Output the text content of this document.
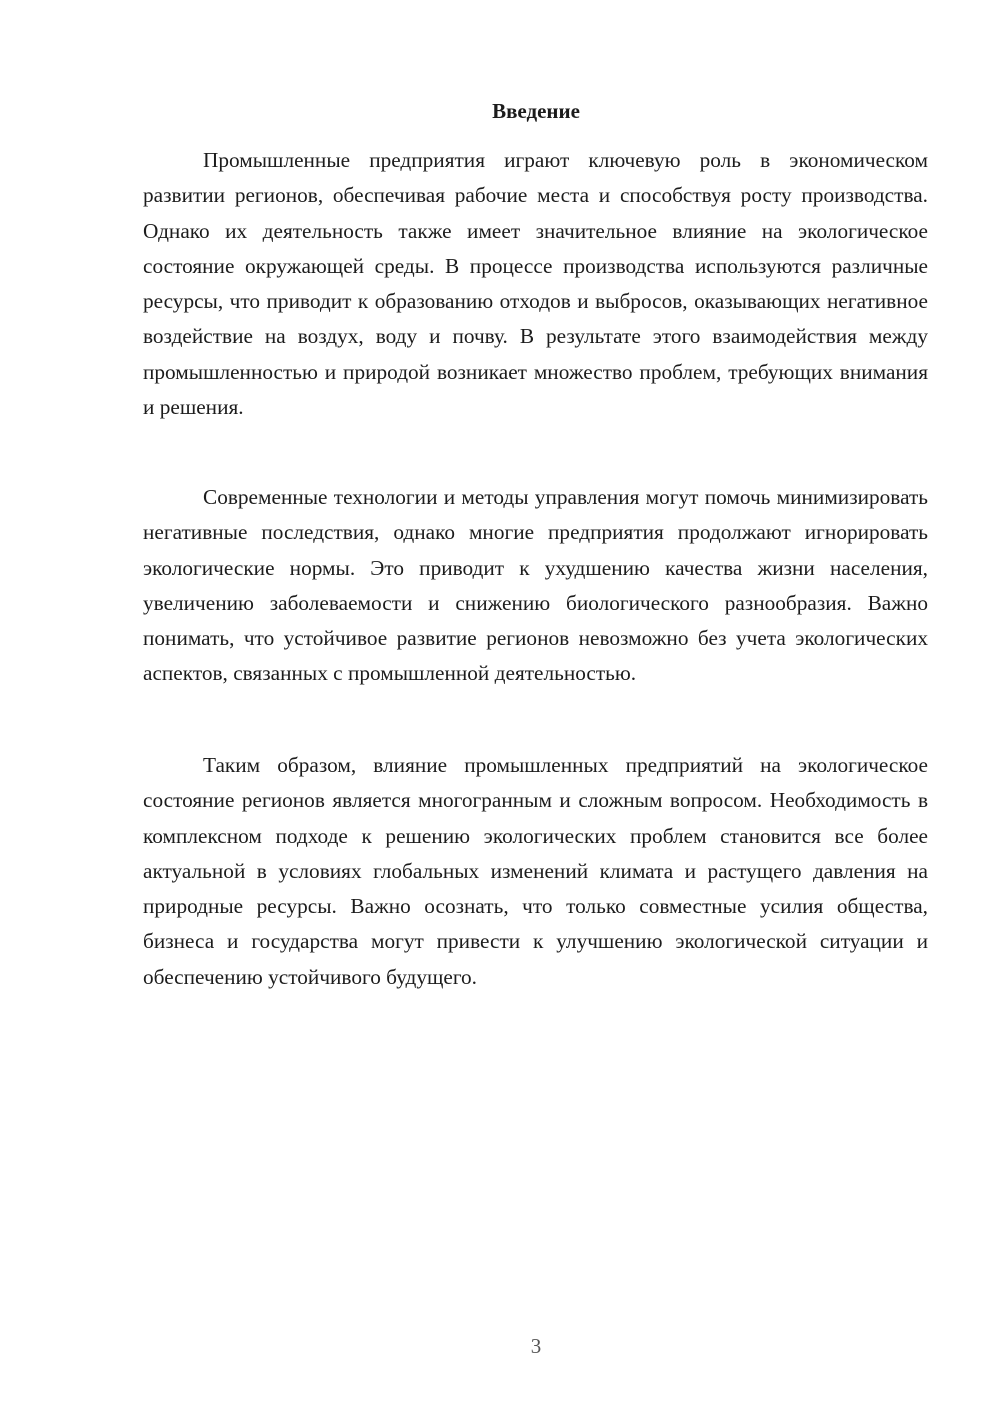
Введение

Промышленные предприятия играют ключевую роль в экономическом развитии регионов, обеспечивая рабочие места и способствуя росту производства. Однако их деятельность также имеет значительное влияние на экологическое состояние окружающей среды. В процессе производства используются различные ресурсы, что приводит к образованию отходов и выбросов, оказывающих негативное воздействие на воздух, воду и почву. В результате этого взаимодействия между промышленностью и природой возникает множество проблем, требующих внимания и решения.

Современные технологии и методы управления могут помочь минимизировать негативные последствия, однако многие предприятия продолжают игнорировать экологические нормы. Это приводит к ухудшению качества жизни населения, увеличению заболеваемости и снижению биологического разнообразия. Важно понимать, что устойчивое развитие регионов невозможно без учета экологических аспектов, связанных с промышленной деятельностью.

Таким образом, влияние промышленных предприятий на экологическое состояние регионов является многогранным и сложным вопросом. Необходимость в комплексном подходе к решению экологических проблем становится все более актуальной в условиях глобальных изменений климата и растущего давления на природные ресурсы. Важно осознать, что только совместные усилия общества, бизнеса и государства могут привести к улучшению экологической ситуации и обеспечению устойчивого будущего.

3
